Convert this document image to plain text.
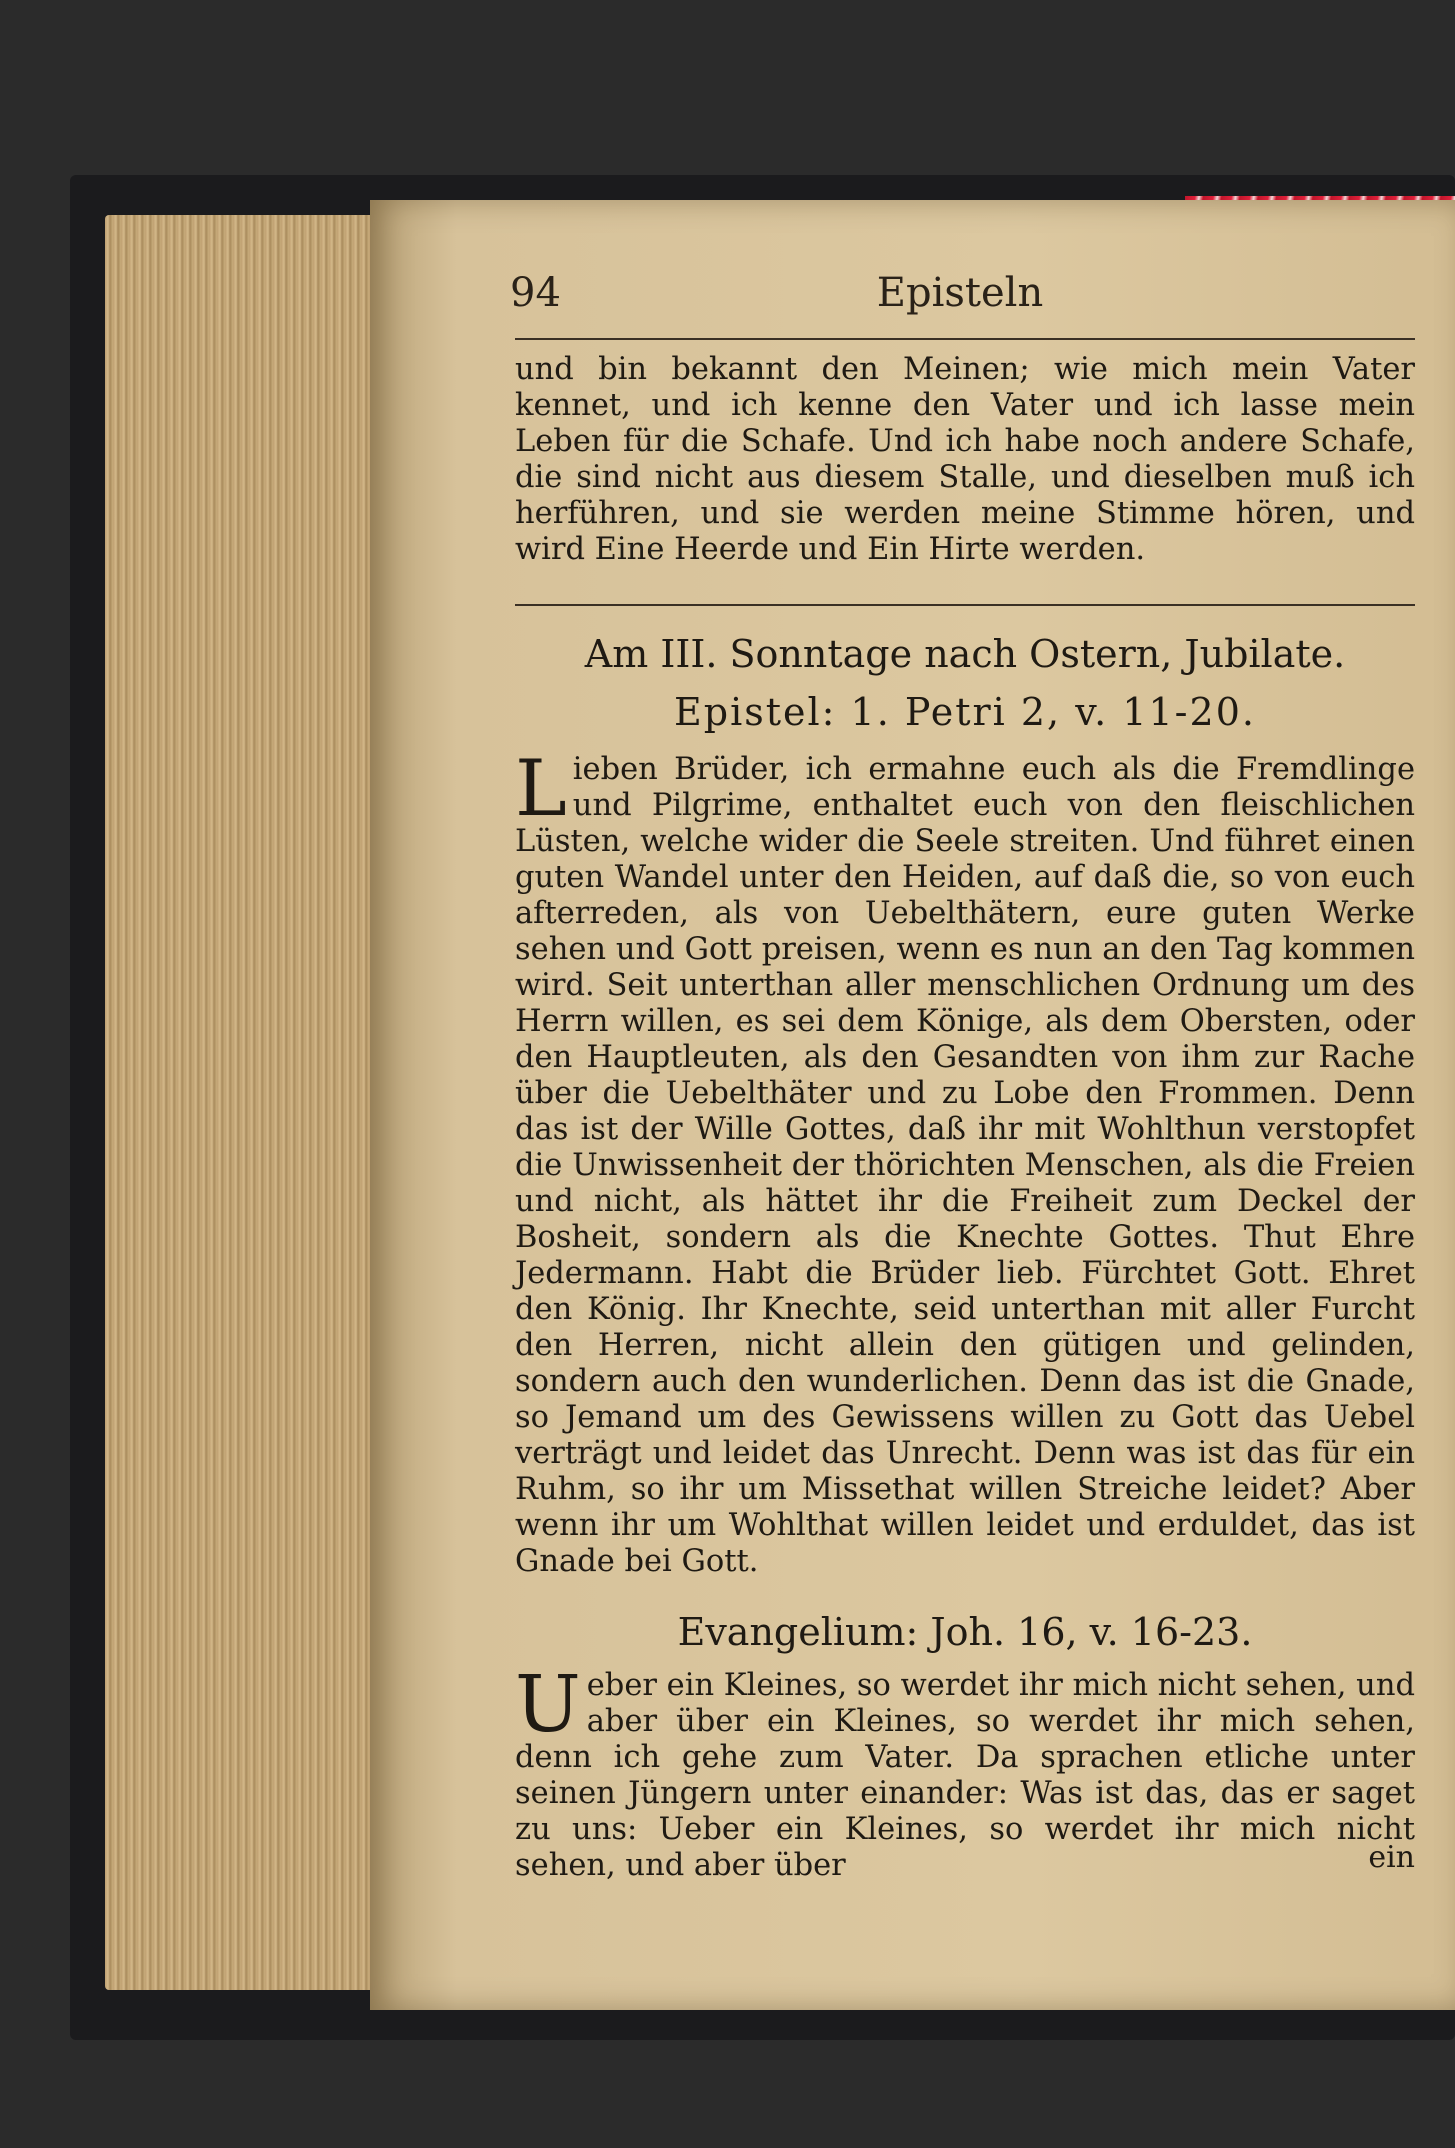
94	Episteln
und bin bekannt den Meinen; wie mich mein Vater kennet, und ich kenne den Vater und ich lasse mein Leben für die Schafe. Und ich habe noch andere Schafe, die sind nicht aus diesem Stalle, und dieselben muß ich herführen, und sie werden meine Stimme hören, und wird Eine Heerde und Ein Hirte werden.
Am III. Sonntage nach Ostern, Jubilate.
Epistel: 1. Petri 2, v. 11-20.
Lieben Brüder, ich ermahne euch als die Fremdlinge und Pilgrime, enthaltet euch von den fleischlichen Lüsten, welche wider die Seele streiten. Und führet einen guten Wandel unter den Heiden, auf daß die, so von euch afterreden, als von Uebelthätern, eure guten Werke sehen und Gott preisen, wenn es nun an den Tag kommen wird. Seit unterthan aller menschlichen Ordnung um des Herrn willen, es sei dem Könige, als dem Obersten, oder den Hauptleuten, als den Gesandten von ihm zur Rache über die Uebelthäter und zu Lobe den Frommen. Denn das ist der Wille Gottes, daß ihr mit Wohlthun verstopfet die Unwissenheit der thörichten Menschen, als die Freien und nicht, als hättet ihr die Freiheit zum Deckel der Bosheit, sondern als die Knechte Gottes. Thut Ehre Jedermann. Habt die Brüder lieb. Fürchtet Gott. Ehret den König. Ihr Knechte, seid unterthan mit aller Furcht den Herren, nicht allein den gütigen und gelinden, sondern auch den wunderlichen. Denn das ist die Gnade, so Jemand um des Gewissens willen zu Gott das Uebel verträgt und leidet das Unrecht. Denn was ist das für ein Ruhm, so ihr um Missethat willen Streiche leidet? Aber wenn ihr um Wohlthat willen leidet und erduldet, das ist Gnade bei Gott.
Evangelium: Joh. 16, v. 16-23.
Ueber ein Kleines, so werdet ihr mich nicht sehen, und aber über ein Kleines, so werdet ihr mich sehen, denn ich gehe zum Vater. Da sprachen etliche unter seinen Jüngern unter einander: Was ist das, das er saget zu uns: Ueber ein Kleines, so werdet ihr mich nicht sehen, und aber über	ein
